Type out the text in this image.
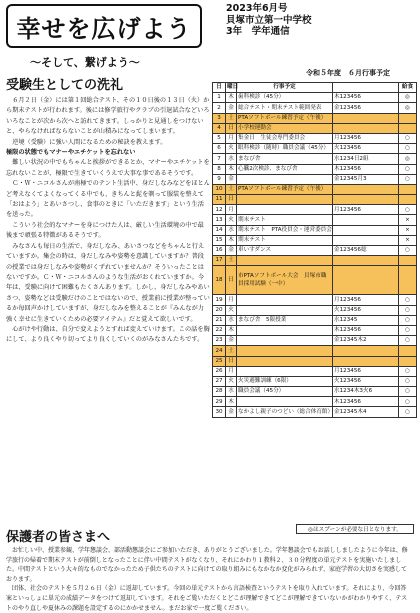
幸せを広げよう
～そして、繋げよう～
2023年6月号
貝塚市立第一中学校
3年　学年通信
令和５年度　６月行事予定
受験生としての洗礼

６月２日（金）には第１回総合テスト、その１０日後の１３日（火）から期末テストが行われます。後には修学旅行やクラブの引退試合などいろいろなことが次から次へと訪れてきます。しっかりと見通しをつけないと、やらなければならないことが山積みになってしまいます。

逆境（受験）に強い人間になるための秘訣を教えます。

極限の状態でもマナーやエチケットを忘れない

難しい状況の中でもちゃんと挨拶ができるとか、マナーやエチケットを忘れないことが、極限で生きていくうえで大事な事であるそうです。

Ｃ・Ｗ・ニコルさんが南極でのテント生活中、身だしなみなどをほとんど考えなくてよくなってくる中でも、きちんと髭を剃って服装を整えて「おはよう」とあいさつし、食事のときに「いただきます」という生活を送った。

こういう社会的なマナーを身につけた人は、厳しい生活環境の中で最後まで頑張る特徴があるそうです。

みなさんも毎日の生活で、身だしなみ、あいさつなどをちゃんと行えていますか。集会の時は、身だしなみや姿勢を意識していますか？普段の授業では身だしなみや姿勢がくずれていませんか？そういったことはないですか。Ｃ・Ｗ・ニコルさんのような生活がおくれていますか。今年は、受験に向けて困難もたくさんあります。しかし、身だしなみやあいさつ、姿勢などは受験だけのことではないので、授業前に授業が整っているか毎回声かけしていますが、身だしなみを整えることが『みんなが力強く幸せに生きていくための必要アイテム』だと覚えて欲しいです。

心がけや行動は、自分で変えようとすれば変えていけます。この話を胸にして、より良くやり切ってより良くしていくのがみなさんたちです。

日	曜日	行事予定		給食
1	木	歯科検診（45分）	木123456	◎
2	金	総合テスト・期末テスト範囲発表	金123456	◎
3	土	PTAソフトボール練習予定（午後）		
4	日	小学校運動会		
5	月	集金日　生徒会専門委員会	月123456	○
6	火	眼科検診（随時）職員会議（45分）	火123456	○
7	水	まなび舎	水1234日2組	◎
8	木	心臓2次検診、まなび舎	木123456	○
9	金		金12345月3	○
10	土	PTAソフトボール練習予定（午後）		
11	日			
12	月		月123456	○
13	火	期末テスト		×
14	水	期末テスト　PTA役員会・運営委員会		×
15	木	期末テスト		×
16	金	車いすダンス	金123456総	○
17	土			
18	日	市PTAソフトボール大会　貝塚市職員採用試験（一中）		
19	月		月123456	○
20	火		火123456	○
21	水	まなび舎　5限授業	水12345	○
22	木		木123456	○
23	金		金12345木2	○
24	土			
25	日			
26	月		月123456	○
27	火	火災避難訓練（6限）	火123456	○
28	水	職員会議（45分）	水1234木3火6	○
29	木		木123456	○
30	金	なかよし親子のつどい（総合体育館）	金12345木4	○
◎はスプーンが必要な日となります。
保護者の皆さまへ

お忙しい中、授業参観、学年懇談会、部活動懇談会にご参加いただき、ありがとうございました。学年懇談会でもお話ししましたように今年は、修学旅行の帰着で期末テストが前倒しとなったことに伴い中間テストがなくなり、それにかわり１教科２、３０分程度の単元テストを実施いたしました。中間テストという大々的なものでなかったため子供たちのテストに向けての取り組みにもなかなか変化がみられず、家庭学習の大切さを実感しております。

団体、社会のテストを５月２６日（金）に返却しています。今回の単元テストから言語検査というテストを取り入れています。それにより、今回答案といっしょに単元の成績データをつけて返却しています。それをご覧いただくとどこが理解できてどこが理解できていないかがわかりやすく、テストのやり直しや夏休みの課題を設定するのにかかせません。まだお家で一度ご覧ください。
